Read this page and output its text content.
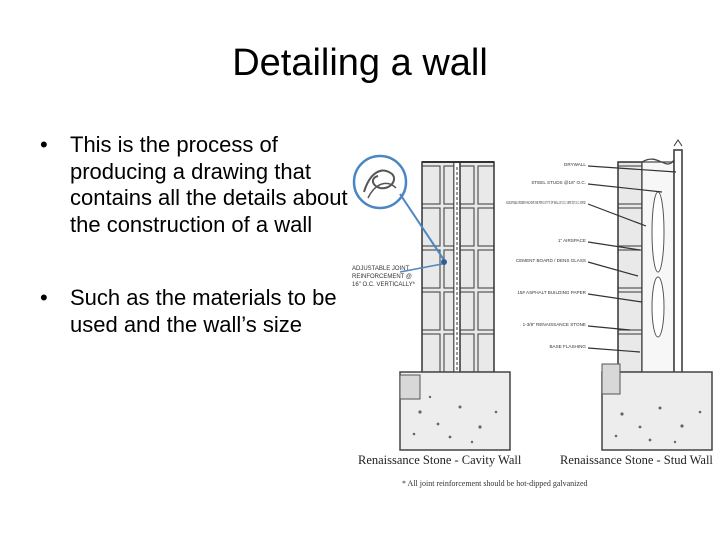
Detailing a wall
•	This is the process of producing a drawing that contains all the details about the construction of a wall
•	Such as the materials to be used and the wall’s size
ADJUSTABLE JOINT
REINFORCEMENT @
16" O.C. VERTICALLY*
DRYWALL
STEEL STUDS @16" O.C.
ADJUSTABLE VENEER ANCHOR ONE PER 2.67 F^2 OF WALL 16" O.C. VERT./16" O.C. HORIZ.
1" AIRSPACE
CEMENT BOARD / DENS GLASS
15# ASPHALT BUILDING PAPER
1-3/8" RENAISSANCE STONE
BASE FLASHING
Renaissance Stone - Cavity Wall	Renaissance Stone - Stud Wall
* All joint reinforcement should be hot-dipped galvanized
